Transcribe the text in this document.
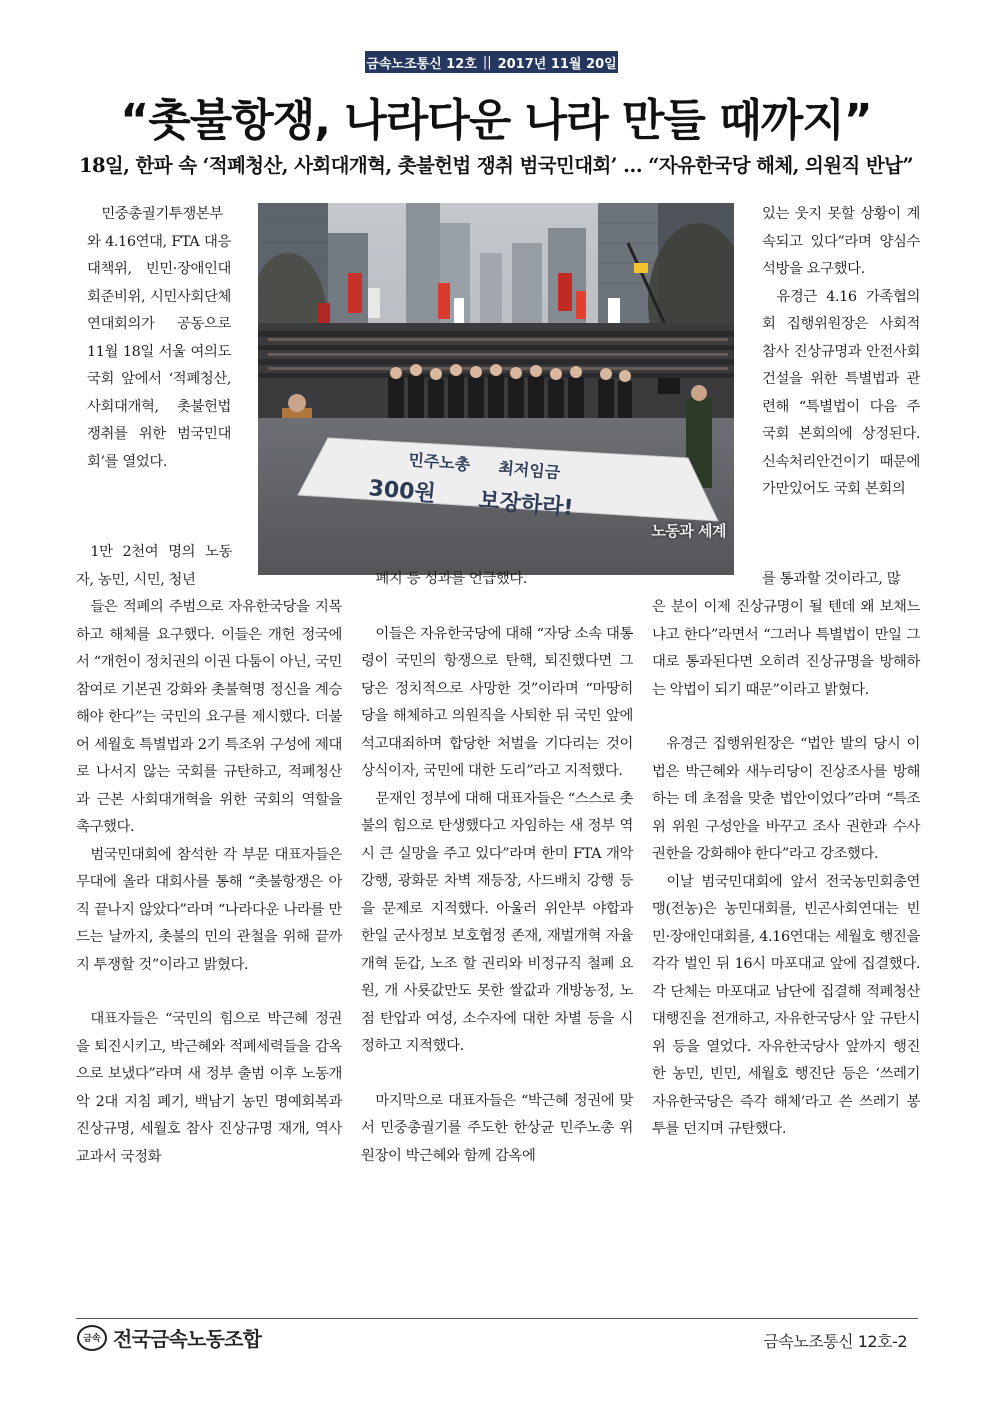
금속노조통신 12호 || 2017년 11월 20일
“촛불항쟁, 나라다운 나라 만들 때까지”
18일, 한파 속 ‘적폐청산, 사회대개혁, 촛불헌법 쟁취 범국민대회’ … “자유한국당 해체, 의원직 반납”
민주노총 최저임금
300원 보장하라!
노동과 세계

민중총궐기투쟁본부와 4.16연대, FTA 대응대책위, 빈민·장애인대회준비위, 시민사회단체연대회의가 공동으로 11월 18일 서울 여의도 국회 앞에서 ‘적폐청산, 사회대개혁, 촛불헌법 쟁취를 위한 범국민대회’를 열었다.

1만 2천여 명의 노동자, 농민, 시민, 청년

들은 적폐의 주범으로 자유한국당을 지목하고 해체를 요구했다. 이들은 개헌 정국에서 “개헌이 정치권의 이권 다툼이 아닌, 국민 참여로 기본권 강화와 촛불혁명 정신을 계승해야 한다”는 국민의 요구를 제시했다. 더불어 세월호 특별법과 2기 특조위 구성에 제대로 나서지 않는 국회를 규탄하고, 적폐청산과 근본 사회대개혁을 위한 국회의 역할을 촉구했다.

범국민대회에 참석한 각 부문 대표자들은 무대에 올라 대회사를 통해 “촛불항쟁은 아직 끝나지 않았다”라며 “나라다운 나라를 만드는 날까지, 촛불의 민의 관철을 위해 끝까지 투쟁할 것”이라고 밝혔다.

대표자들은 “국민의 힘으로 박근혜 정권을 퇴진시키고, 박근혜와 적폐세력들을 감옥으로 보냈다”라며 새 정부 출범 이후 노동개악 2대 지침 폐기, 백남기 농민 명예회복과 진상규명, 세월호 참사 진상규명 재개, 역사교과서 국정화

폐지 등 성과를 언급했다.

이들은 자유한국당에 대해 “자당 소속 대통령이 국민의 항쟁으로 탄핵, 퇴진했다면 그 당은 정치적으로 사망한 것”이라며 “마땅히 당을 해체하고 의원직을 사퇴한 뒤 국민 앞에 석고대죄하며 합당한 처벌을 기다리는 것이 상식이자, 국민에 대한 도리”라고 지적했다.

문재인 정부에 대해 대표자들은 “스스로 촛불의 힘으로 탄생했다고 자임하는 새 정부 역시 큰 실망을 주고 있다”라며 한미 FTA 개악 강행, 광화문 차벽 재등장, 사드배치 강행 등을 문제로 지적했다. 아울러 위안부 야합과 한일 군사정보 보호협정 존재, 재벌개혁 자율개혁 둔갑, 노조 할 권리와 비정규직 철폐 요원, 개 사룟값만도 못한 쌀값과 개방농정, 노점 탄압과 여성, 소수자에 대한 차별 등을 시정하고 지적했다.

마지막으로 대표자들은 “박근혜 정권에 맞서 민중총궐기를 주도한 한상균 민주노총 위원장이 박근혜와 함께 감옥에

있는 웃지 못할 상황이 계속되고 있다”라며 양심수 석방을 요구했다.

유경근 4.16 가족협의회 집행위원장은 사회적 참사 진상규명과 안전사회 건설을 위한 특별법과 관련해 “특별법이 다음 주 국회 본회의에 상정된다. 신속처리안건이기 때문에 가만있어도 국회 본회의

를 통과할 것이라고, 많

은 분이 이제 진상규명이 될 텐데 왜 보채느냐고 한다”라면서 “그러나 특별법이 만일 그대로 통과된다면 오히려 진상규명을 방해하는 악법이 되기 때문”이라고 밝혔다.

유경근 집행위원장은 “법안 발의 당시 이 법은 박근혜와 새누리당이 진상조사를 방해하는 데 초점을 맞춘 법안이었다”라며 “특조위 위원 구성안을 바꾸고 조사 권한과 수사 권한을 강화해야 한다”라고 강조했다.

이날 범국민대회에 앞서 전국농민회총연맹(전농)은 농민대회를, 빈곤사회연대는 빈민·장애인대회를, 4.16연대는 세월호 행진을 각각 벌인 뒤 16시 마포대교 앞에 집결했다. 각 단체는 마포대교 남단에 집결해 적폐청산 대행진을 전개하고, 자유한국당사 앞 규탄시위 등을 열었다. 자유한국당사 앞까지 행진한 농민, 빈민, 세월호 행진단 등은 ‘쓰레기 자유한국당은 즉각 해체’라고 쓴 쓰레기 봉투를 던지며 규탄했다.

금속 전국금속노동조합	금속노조통신 12호-2
